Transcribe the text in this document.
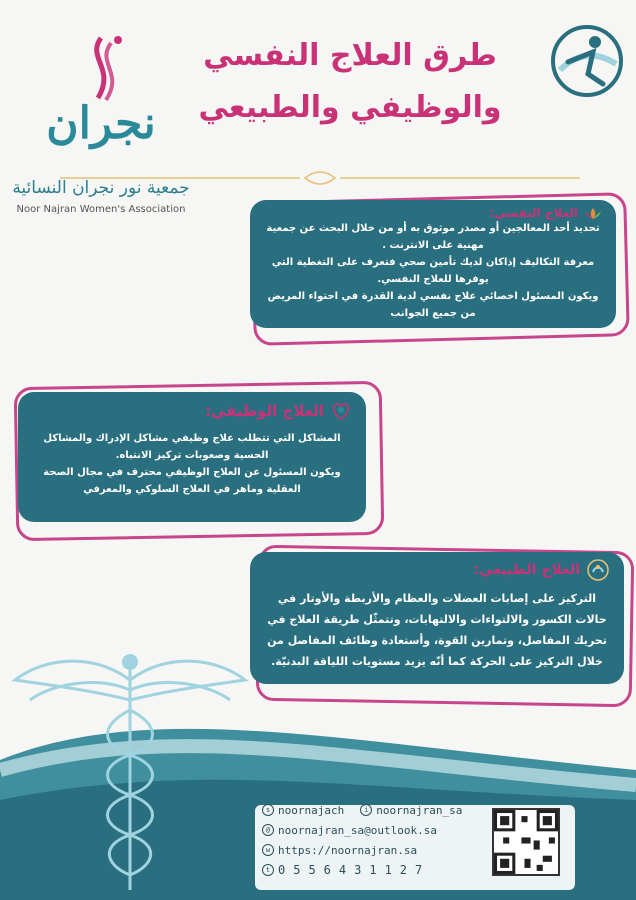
نجران
جمعية نور نجران النسائية
Noor Najran Women's Association
طرق العلاج النفسي والوظيفي والطبيعي
العلاج النفسي:
تحديد أحد المعالجين أو مصدر موثوق به أو من خلال البحث عن جمعية مهنية على الانترنت .
معرفة التكاليف إذاكان لديك تأمين صحي فتعرف على التغطية التي يوفرها للعلاج النفسي.
ويكون المسئول اخصائي علاج نفسي لدية القدرة في احتواء المريض من جميع الجوانب
العلاج الوظيفي:
المشاكل التي تتطلب علاج وظيفي مشاكل الإدراك والمشاكل الحسية وصعوبات تركيز الانتباه.
ويكون المسئول عن العلاج الوظيفي محترف في مجال الصحة العقلية وماهر في العلاج السلوكي والمعرفي
العلاج الطبيعي:
التركيز على إصابات العضلات والعظام والأربطة والأوتار في حالات الكسور والالتواءات والالتهابات، وتتمثّل طريقة العلاج في تحريك المفاصل، وتمارين القوة، وأستعادة وظائف المفاصل من خلال التركيز على الحركة كما أنّه يزيد مستويات اللياقة البدنيّة.
s noornajach	i noornajran_sa
@ noornajran_sa@outlook.sa
w https://noornajran.sa
t 0556431127
